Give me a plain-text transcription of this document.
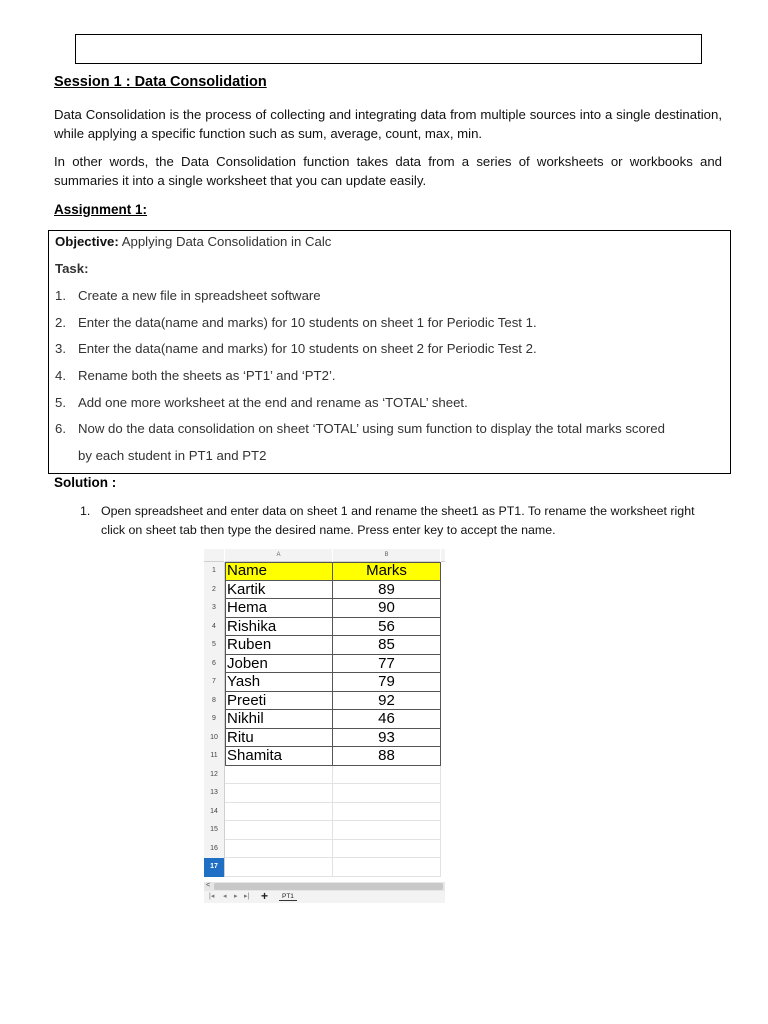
Session 1 : Data Consolidation
Data Consolidation is the process of collecting and integrating data from multiple sources into a single destination, while applying a specific function such as sum, average, count, max, min.
In other words, the Data Consolidation function takes data from a series of worksheets or workbooks and summaries it into a single worksheet that you can update easily.
Assignment 1:
Objective: Applying Data Consolidation in Calc
Task:
1. Create a new file in spreadsheet software
2. Enter the data(name and marks) for 10 students on sheet 1 for Periodic Test 1.
3. Enter the data(name and marks) for 10 students on sheet 2 for Periodic Test 2.
4. Rename both the sheets as ‘PT1’ and ‘PT2’.
5. Add one more worksheet at the end and rename as ‘TOTAL’ sheet.
6. Now do the data consolidation on sheet ‘TOTAL’ using sum function to display the total marks scored
by each student in PT1 and PT2
Solution :
1. Open spreadsheet and enter data on sheet 1 and rename the sheet1 as PT1. To rename the worksheet right click on sheet tab then type the desired name. Press enter key to accept the name.
A	B
1 Name	Marks
2 Kartik	89
3 Hema	90
4 Rishika	56
5 Ruben	85
6 Joben	77
7 Yash	79
8 Preeti	92
9 Nikhil	46
10 Ritu	93
11 Shamita	88
12
13
14
15
16
17
<
|◂ ◂ ▸ ▸| +	PT1
